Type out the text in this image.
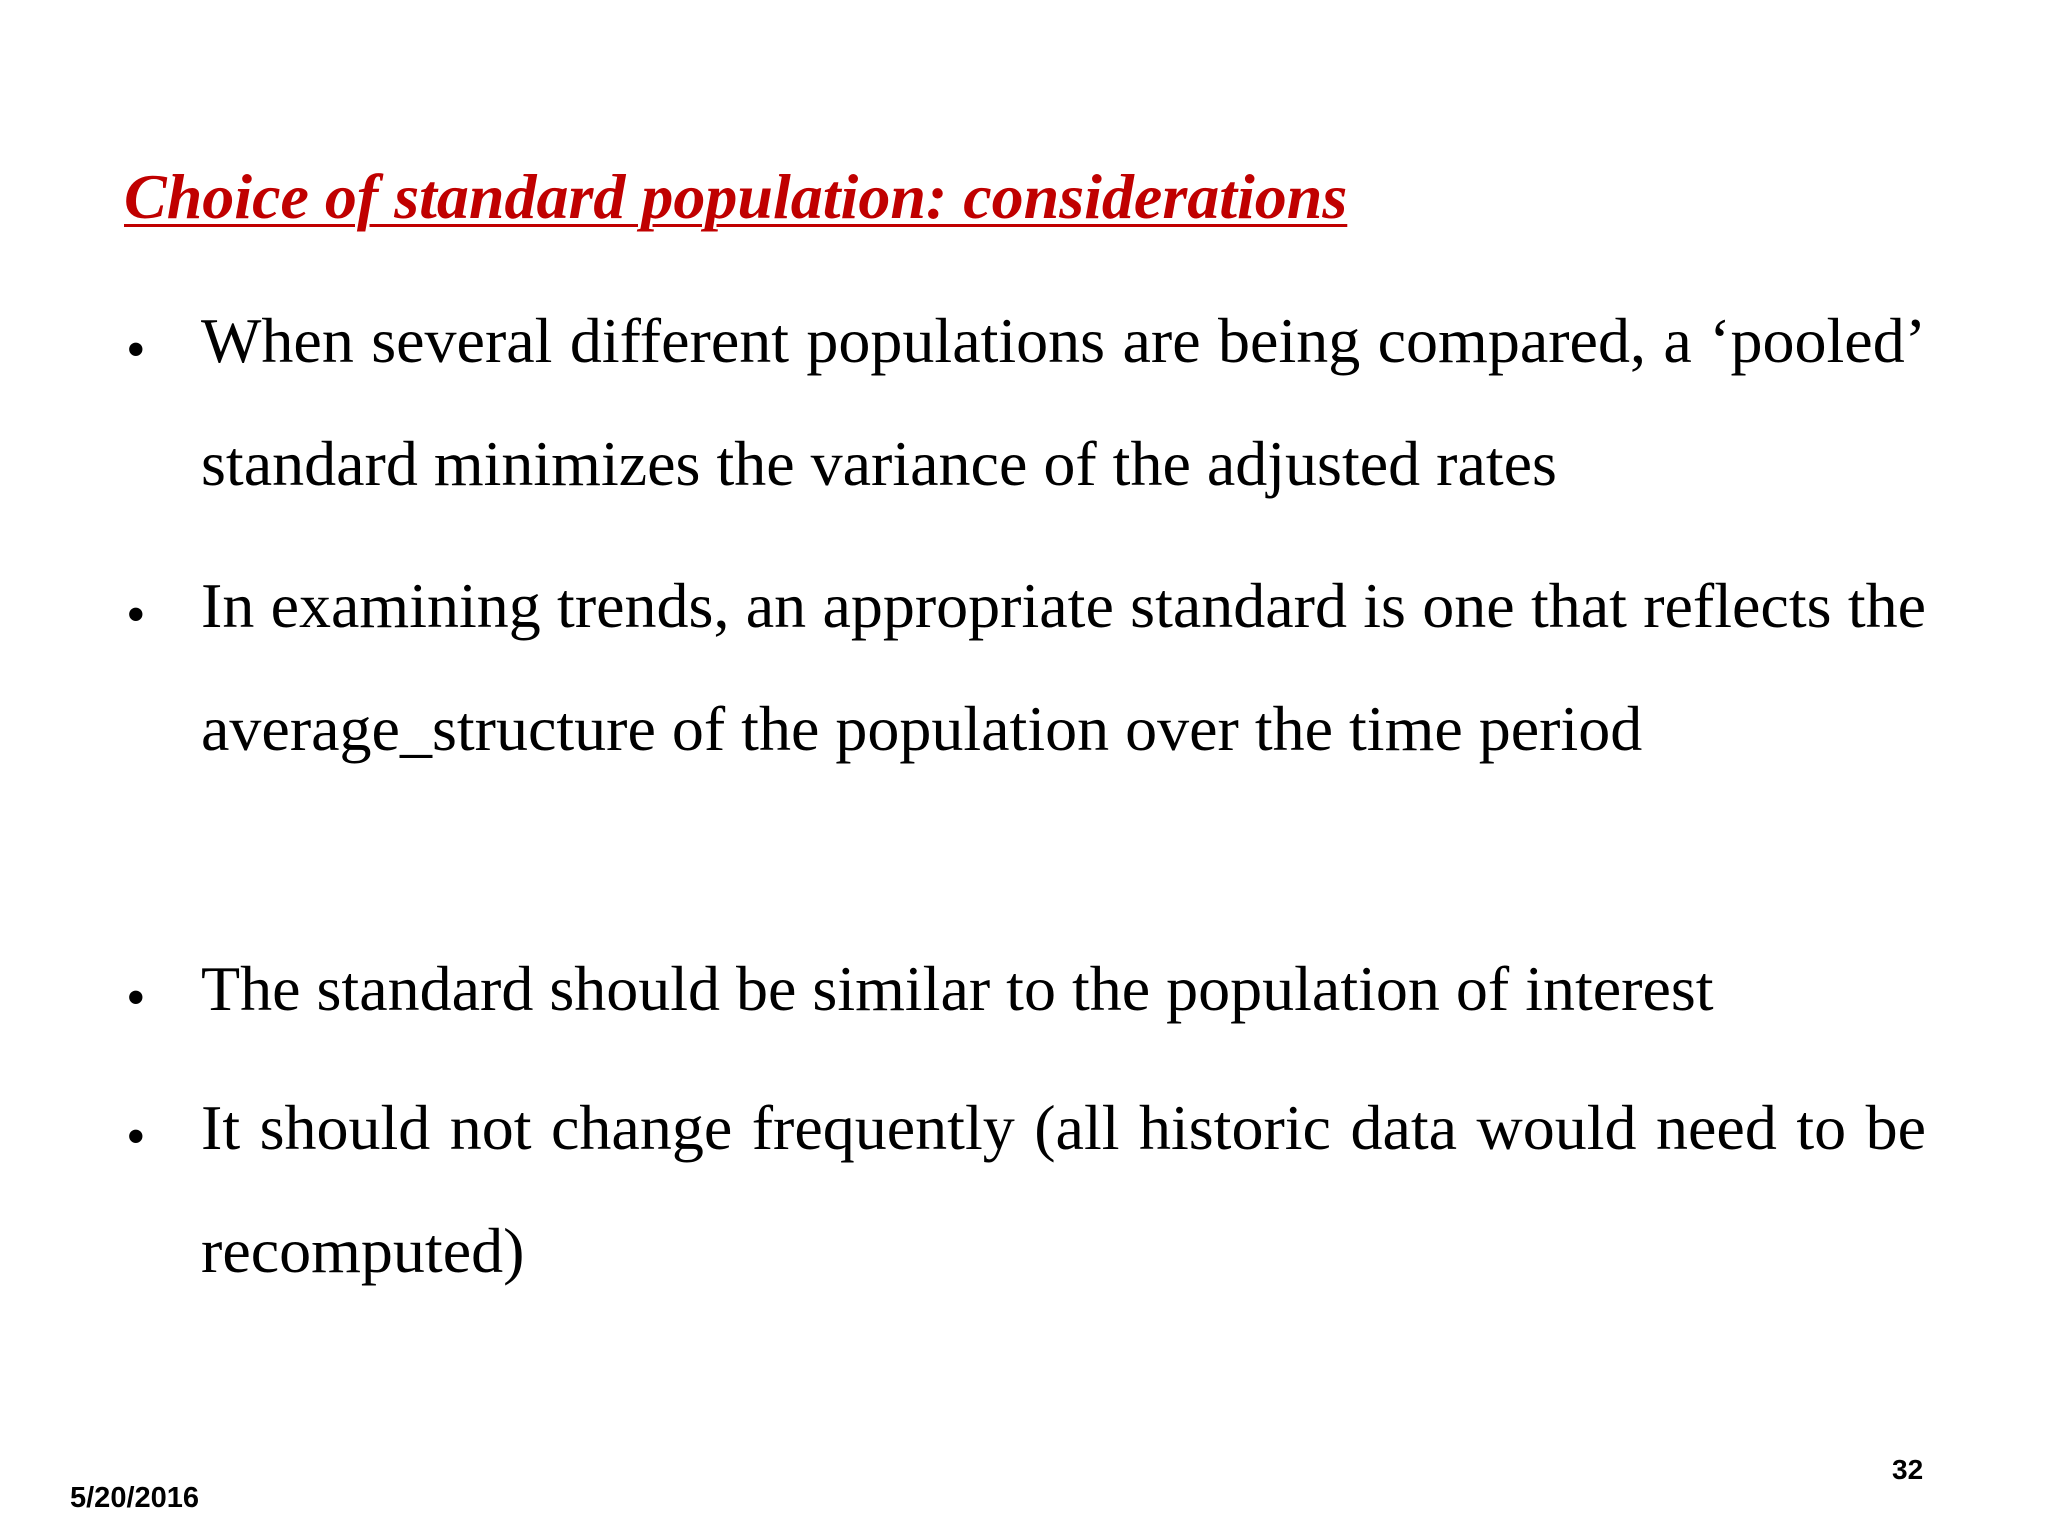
Choice of standard population: considerations
• When several different populations are being compared, a ‘pooled’ standard minimizes the variance of the adjusted rates

• In examining trends, an appropriate standard is one that reflects the average_structure of the population over the time period

• The standard should be similar to the population of interest

• It should not change frequently (all historic data would need to be recomputed)

5/20/2016
32
